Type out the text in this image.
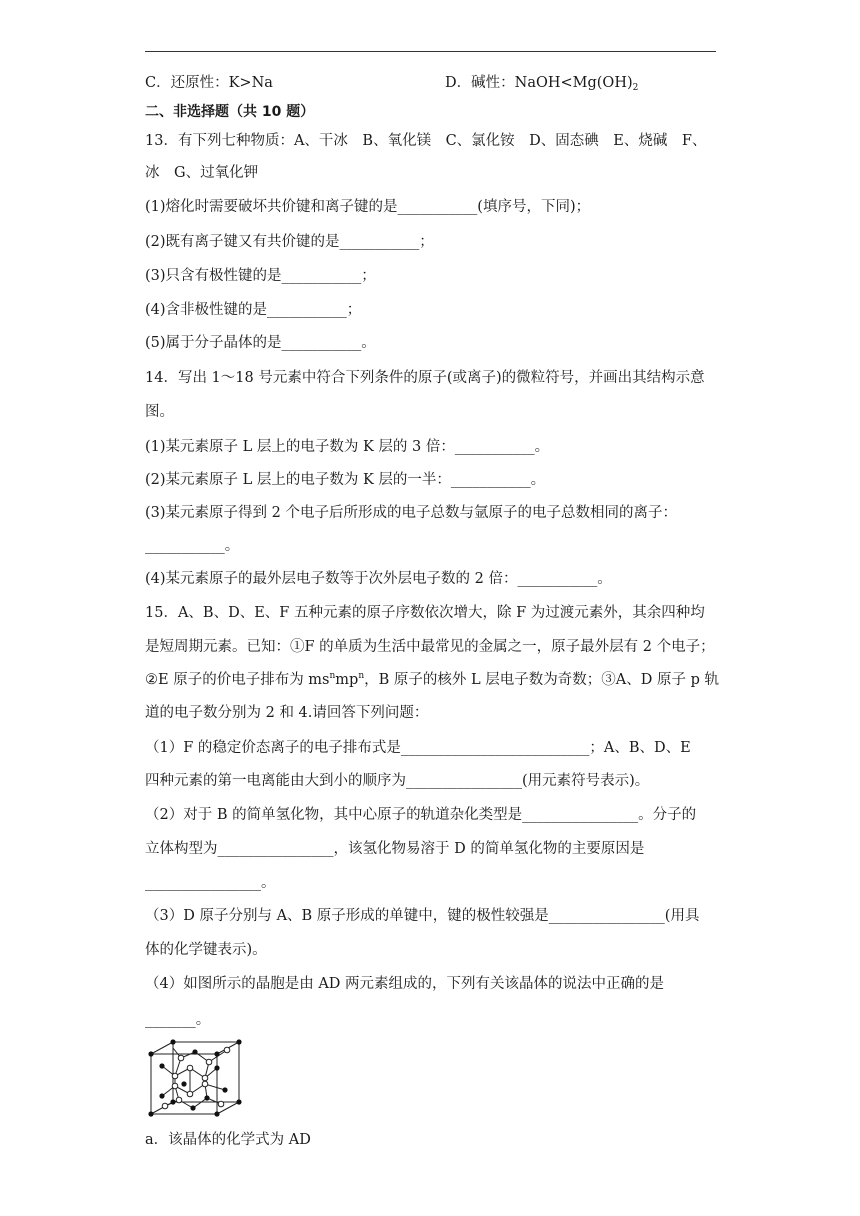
C．还原性：K>Na	D．碱性：$NaOH<Mg(OH)_2$
二、非选择题（共 10 题）
13．有下列七种物质：A、干冰　B、氧化镁　C、氯化铵　D、固态碘　E、烧碱　F、
冰　G、过氧化钾
(1)熔化时需要破坏共价键和离子键的是___________(填序号，下同)；
(2)既有离子键又有共价键的是___________；
(3)只含有极性键的是___________；
(4)含非极性键的是___________；
(5)属于分子晶体的是___________。
14．写出 1～18 号元素中符合下列条件的原子(或离子)的微粒符号，并画出其结构示意
图。
(1)某元素原子 L 层上的电子数为 K 层的 3 倍：___________。
(2)某元素原子 L 层上的电子数为 K 层的一半：___________。
(3)某元素原子得到 2 个电子后所形成的电子总数与氩原子的电子总数相同的离子：
___________。
(4)某元素原子的最外层电子数等于次外层电子数的 2 倍：___________。
15．A、B、D、E、F 五种元素的原子序数依次增大，除 F 为过渡元素外，其余四种均
是短周期元素。已知：①F 的单质为生活中最常见的金属之一，原子最外层有 2 个电子；
②E 原子的价电子排布为 $ms^nmp^n$，B 原子的核外 L 层电子数为奇数；③A、D 原子 p 轨
道的电子数分别为 2 和 4.请回答下列问题：
（1）F 的稳定价态离子的电子排布式是__________________________；A、B、D、E
四种元素的第一电离能由大到小的顺序为________________(用元素符号表示)。
（2）对于 B 的简单氢化物，其中心原子的轨道杂化类型是________________。分子的
立体构型为________________，该氢化物易溶于 D 的简单氢化物的主要原因是
________________。
（3）D 原子分别与 A、B 原子形成的单键中，键的极性较强是________________(用具
体的化学键表示)。
（4）如图所示的晶胞是由 AD 两元素组成的，下列有关该晶体的说法中正确的是
_______。
a．该晶体的化学式为 AD
